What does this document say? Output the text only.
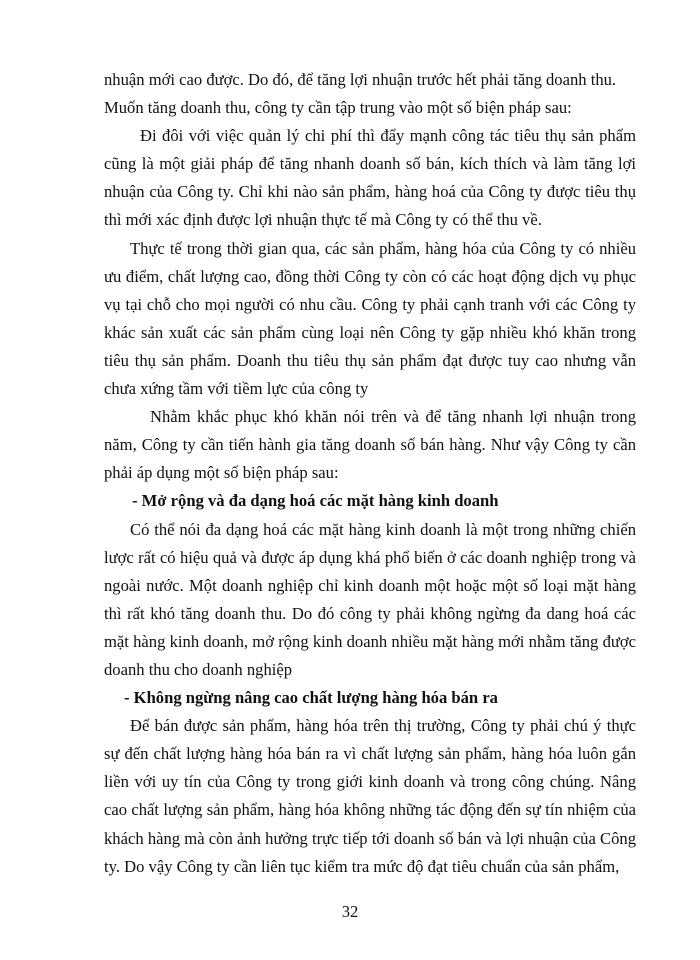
nhuận mới cao được. Do đó, để tăng lợi nhuận trước hết phải tăng doanh thu.
Muốn tăng doanh thu, công ty cần tập trung vào một số biện pháp sau:

Đi đôi với việc quản lý chi phí thì đẩy mạnh công tác tiêu thụ sản phẩm cũng là một giải pháp để tăng nhanh doanh số bán, kích thích và làm tăng lợi nhuận của Công ty. Chỉ khi nào sản phẩm, hàng hoá của Công ty được tiêu thụ thì mới xác định được lợi nhuận thực tế mà Công ty có thể thu về.

Thực tế trong thời gian qua, các sản phẩm, hàng hóa của Công ty có nhiều ưu điểm, chất lượng cao, đồng thời Công ty còn có các hoạt động dịch vụ phục vụ tại chỗ cho mọi người có nhu cầu. Công ty phải cạnh tranh với các Công ty khác sản xuất các sản phẩm cùng loại nên Công ty gặp nhiều khó khăn trong tiêu thụ sản phẩm. Doanh thu tiêu thụ sản phẩm đạt được tuy cao nhưng vẫn chưa xứng tầm với tiềm lực của công ty

Nhằm khắc phục khó khăn nói trên và để tăng nhanh lợi nhuận trong năm, Công ty cần tiến hành gia tăng doanh số bán hàng. Như vậy Công ty cần phải áp dụng một số biện pháp sau:

- Mở rộng và đa dạng hoá các mặt hàng kinh doanh

Có thể nói đa dạng hoá các mặt hàng kinh doanh là một trong những chiến lược rất có hiệu quả và được áp dụng khá phổ biến ở các doanh nghiệp trong và ngoài nước. Một doanh nghiệp chỉ kinh doanh một hoặc một số loại mặt hàng thì rất khó tăng doanh thu. Do đó công ty phải không ngừng đa dang hoá các mặt hàng kinh doanh, mở rộng kinh doanh nhiều mặt hàng mới nhằm tăng được doanh thu cho doanh nghiệp

- Không ngừng nâng cao chất lượng hàng hóa bán ra

Để bán được sản phẩm, hàng hóa trên thị trường, Công ty phải chú ý thực sự đến chất lượng hàng hóa bán ra vì chất lượng sản phẩm, hàng hóa luôn gắn liền với uy tín của Công ty trong giới kinh doanh và trong công chúng. Nâng cao chất lượng sản phẩm, hàng hóa không những tác động đến sự tín nhiệm của khách hàng mà còn ảnh hưởng trực tiếp tới doanh số bán và lợi nhuận của Công ty. Do vậy Công ty cần liên tục kiểm tra mức độ đạt tiêu chuẩn của sản phẩm,

32
